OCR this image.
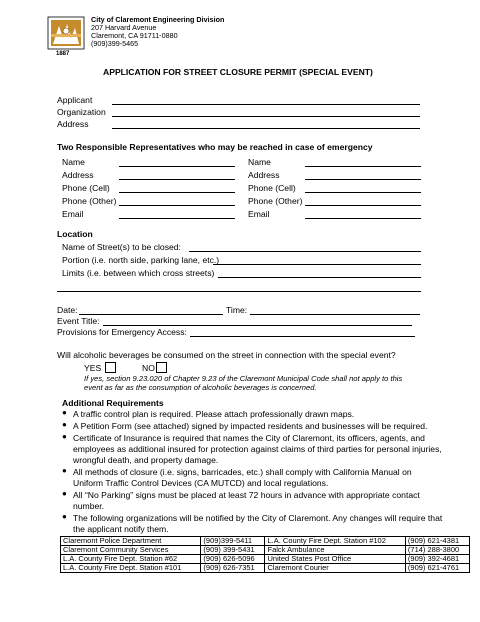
1887
City of Claremont Engineering Division
207 Harvard Avenue
Claremont, CA 91711-0880
(909)399-5465
APPLICATION FOR STREET CLOSURE PERMIT (SPECIAL EVENT)
Applicant
Organization
Address
Two Responsible Representatives who may be reached in case of emergency
Name
Address
Phone (Cell)
Phone (Other)
Email
Name
Address
Phone (Cell)
Phone (Other)
Email
Location
Name of Street(s) to be closed:
Portion (i.e. north side, parking lane, etc.)
Limits (i.e. between which cross streets)
Date:	Time:
Event Title:
Provisions for Emergency Access:
Will alcoholic beverages be consumed on the street in connection with the special event?
YES	NO
If yes, section 9.23.020 of Chapter 9.23 of the Claremont Municipal Code shall not apply to this
event as far as the consumption of alcoholic beverages is concerned.
Additional Requirements
● A traffic control plan is required. Please attach professionally drawn maps.
● A Petition Form (see attached) signed by impacted residents and businesses will be required.
● Certificate of Insurance is required that names the City of Claremont, its officers, agents, and
employees as additional insured for protection against claims of third parties for personal injuries,
wrongful death, and property damage.
● All methods of closure (i.e. signs, barricades, etc.) shall comply with California Manual on
Uniform Traffic Control Devices (CA MUTCD) and local regulations.
● All “No Parking” signs must be placed at least 72 hours in advance with appropriate contact
number.
● The following organizations will be notified by the City of Claremont. Any changes will require that
the applicant notify them.
Claremont Police Department	(909)399-5411	L.A. County Fire Dept. Station #102	(909) 621-4381
Claremont Community Services	(909) 399-5431	Falck Ambulance	(714) 288-3800
L.A. County Fire Dept. Station #62	(909) 626-5096	United States Post Office	(909) 392-4681
L.A. County Fire Dept. Station #101	(909) 626-7351	Claremont Courier	(909) 621-4761
